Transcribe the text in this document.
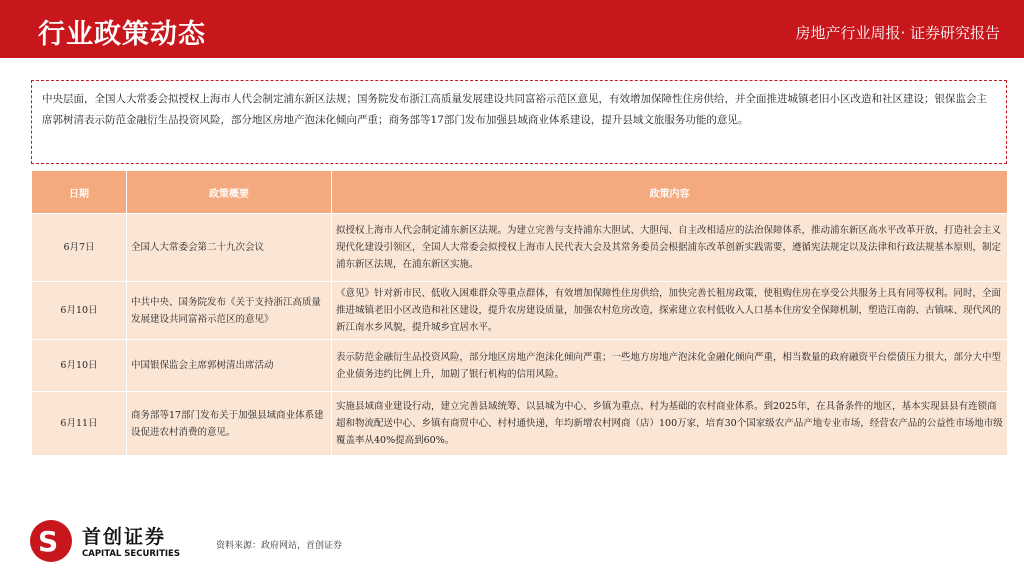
行业政策动态	房地产行业周报· 证券研究报告
中央层面，全国人大常委会拟授权上海市人代会制定浦东新区法规；国务院发布浙江高质量发展建设共同富裕示范区意见，有效增加保障性住房供给，并全面推进城镇老旧小区改造和社区建设；银保监会主席郭树清表示防范金融衍生品投资风险，部分地区房地产泡沫化倾向严重；商务部等17部门发布加强县域商业体系建设，提升县域文旅服务功能的意见。
日期	政策概要	政策内容
6月7日	全国人大常委会第二十九次会议	拟授权上海市人代会制定浦东新区法规。为建立完善与支持浦东大胆试、大胆闯、自主改相适应的法治保障体系，推动浦东新区高水平改革开放，打造社会主义现代化建设引领区，全国人大常委会拟授权上海市人民代表大会及其常务委员会根据浦东改革创新实践需要，遵循宪法规定以及法律和行政法规基本原则，制定浦东新区法规，在浦东新区实施。
6月10日	中共中央、国务院发布《关于支持浙江高质量发展建设共同富裕示范区的意见》	《意见》针对新市民、低收入困难群众等重点群体，有效增加保障性住房供给，加快完善长租房政策，使租购住房在享受公共服务上具有同等权利。同时，全面推进城镇老旧小区改造和社区建设，提升农房建设质量，加强农村危房改造，探索建立农村低收入人口基本住房安全保障机制，塑造江南韵、古镇味、现代风的新江南水乡风貌，提升城乡宜居水平。
6月10日	中国银保监会主席郭树清出席活动	表示防范金融衍生品投资风险，部分地区房地产泡沫化倾向严重；一些地方房地产泡沫化金融化倾向严重，相当数量的政府融资平台偿债压力很大，部分大中型企业债务违约比例上升，加剧了银行机构的信用风险。
6月11日	商务部等17部门发布关于加强县域商业体系建设促进农村消费的意见。	实施县域商业建设行动，建立完善县域统筹、以县城为中心、乡镇为重点、村为基础的农村商业体系。到2025年，在具备条件的地区，基本实现县县有连锁商超和物流配送中心、乡镇有商贸中心、村村通快递，年均新增农村网商（店）100万家，培育30个国家级农产品产地专业市场，经营农产品的公益性市场地市级覆盖率从40%提高到60%。
S 首创证券
CAPITAL SECURITIES
资料来源：政府网站，首创证券
